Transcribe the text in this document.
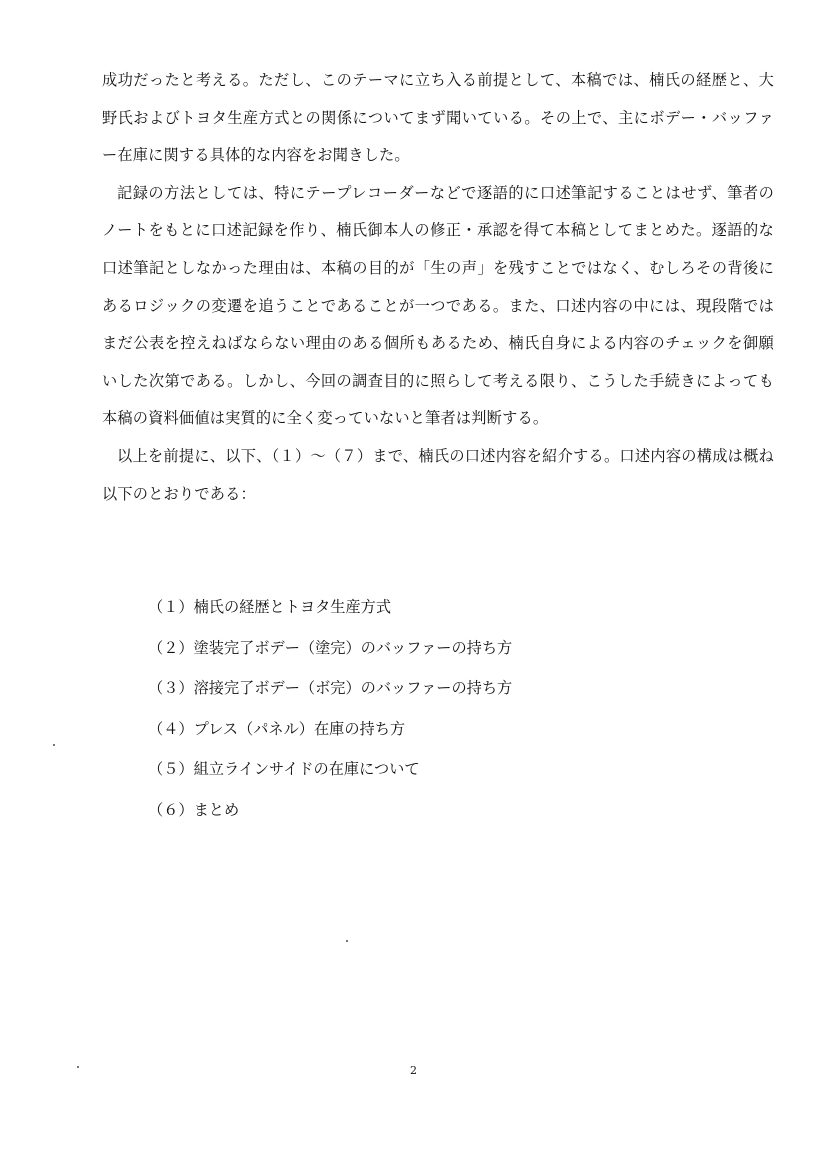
成功だったと考える。ただし、このテーマに立ち入る前提として、本稿では、楠氏の経歴と、大野氏およびトヨタ生産方式との関係についてまず聞いている。その上で、主にボデー・バッファー在庫に関する具体的な内容をお聞きした。

記録の方法としては、特にテープレコーダーなどで逐語的に口述筆記することはせず、筆者のノートをもとに口述記録を作り、楠氏御本人の修正・承認を得て本稿としてまとめた。逐語的な口述筆記としなかった理由は、本稿の目的が「生の声」を残すことではなく、むしろその背後にあるロジックの変遷を追うことであることが一つである。また、口述内容の中には、現段階ではまだ公表を控えねばならない理由のある個所もあるため、楠氏自身による内容のチェックを御願いした次第である。しかし、今回の調査目的に照らして考える限り、こうした手続きによっても本稿の資料価値は実質的に全く変っていないと筆者は判断する。

以上を前提に、以下、（１）～（７）まで、楠氏の口述内容を紹介する。口述内容の構成は概ね以下のとおりである：

（１）楠氏の経歴とトヨタ生産方式
（２）塗装完了ボデー（塗完）のバッファーの持ち方
（３）溶接完了ボデー（ボ完）のバッファーの持ち方
（４）プレス（パネル）在庫の持ち方
（５）組立ラインサイドの在庫について
（６）まとめ
2
